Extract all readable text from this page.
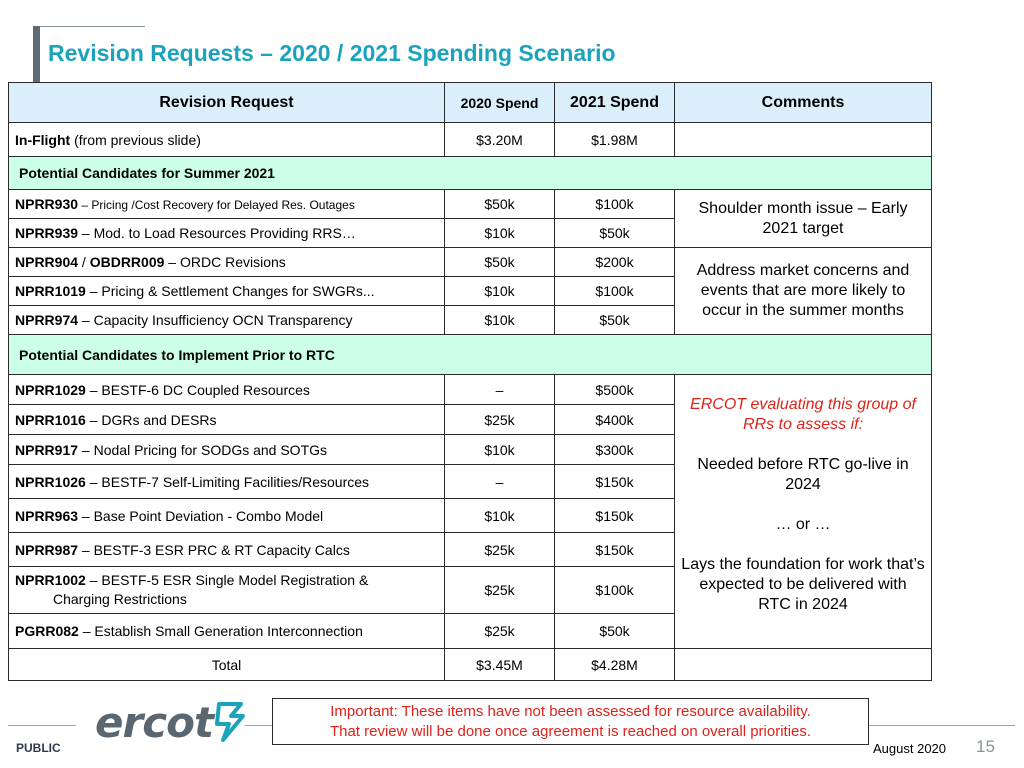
Revision Requests – 2020 / 2021 Spending Scenario
Revision Request	2020 Spend	2021 Spend	Comments
In-Flight (from previous slide)	$3.20M	$1.98M	
Potential Candidates for Summer 2021			
NPRR930 – Pricing /Cost Recovery for Delayed Res. Outages	$50k	$100k	Shoulder month issue – Early 2021 target
NPRR939 – Mod. to Load Resources Providing RRS…	$10k	$50k	
NPRR904 / OBDRR009 – ORDC Revisions	$50k	$200k	Address market concerns and events that are more likely to occur in the summer months
NPRR1019 – Pricing & Settlement Changes for SWGRs...	$10k	$100k	
NPRR974 – Capacity Insufficiency OCN Transparency	$10k	$50k	
Potential Candidates to Implement Prior to RTC			
NPRR1029 – BESTF-6 DC Coupled Resources	–	$500k	ERCOT evaluating this group of RRs to assess if:
Needed before RTC go-live in 2024
… or …
Lays the foundation for work that’s expected to be delivered with RTC in 2024

NPRR1016 – DGRs and DESRs	$25k	$400k	
NPRR917 – Nodal Pricing for SODGs and SOTGs	$10k	$300k	
NPRR1026 – BESTF-7 Self-Limiting Facilities/Resources	–	$150k	
NPRR963 – Base Point Deviation - Combo Model	$10k	$150k	
NPRR987 – BESTF-3 ESR PRC & RT Capacity Calcs	$25k	$150k	
NPRR1002 – BESTF-5 ESR Single Model Registration &
Charging Restrictions	$25k	$100k	
PGRR082 – Establish Small Generation Interconnection	$25k	$50k	
Total	$3.45M	$4.28M	
ercot
PUBLIC
Important: These items have not been assessed for resource availability.
That review will be done once agreement is reached on overall priorities.
August 2020 15
